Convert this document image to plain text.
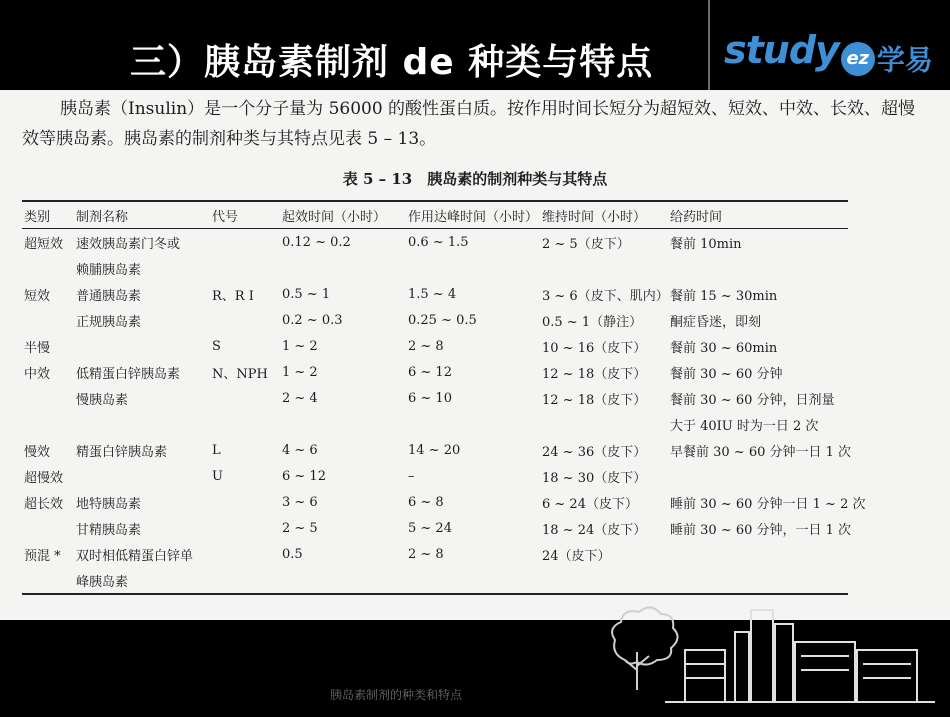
三）胰岛素制剂 de 种类与特点 study ez 学易

胰岛素（Insulin）是一个分子量为 56000 的酸性蛋白质。按作用时间长短分为超短效、短效、中效、长效、超慢效等胰岛素。胰岛素的制剂种类与其特点见表 5 – 13。

表 5 – 13　胰岛素的制剂种类与其特点
类别	制剂名称	代号	起效时间（小时）	作用达峰时间（小时）	维持时间（小时）	给药时间
超短效	速效胰岛素门冬或		0.12 ~ 0.2	0.6 ~ 1.5	2 ~ 5（皮下）	餐前 10min
	赖脯胰岛素					
短效	普通胰岛素	R、R I	0.5 ~ 1	1.5 ~ 4	3 ~ 6（皮下、肌内）	餐前 15 ~ 30min
	正规胰岛素		0.2 ~ 0.3	0.25 ~ 0.5	0.5 ~ 1（静注）	酮症昏迷，即刻
半慢		S	1 ~ 2	2 ~ 8	10 ~ 16（皮下）	餐前 30 ~ 60min
中效	低精蛋白锌胰岛素	N、NPH	1 ~ 2	6 ~ 12	12 ~ 18（皮下）	餐前 30 ~ 60 分钟
	慢胰岛素		2 ~ 4	6 ~ 10	12 ~ 18（皮下）	餐前 30 ~ 60 分钟，日剂量
						大于 40IU 时为一日 2 次
慢效	精蛋白锌胰岛素	L	4 ~ 6	14 ~ 20	24 ~ 36（皮下）	早餐前 30 ~ 60 分钟一日 1 次
超慢效		U	6 ~ 12	–	18 ~ 30（皮下）	
超长效	地特胰岛素		3 ~ 6	6 ~ 8	6 ~ 24（皮下）	睡前 30 ~ 60 分钟一日 1 ~ 2 次
	甘精胰岛素		2 ~ 5	5 ~ 24	18 ~ 24（皮下）	睡前 30 ~ 60 分钟，一日 1 次
预混 *	双时相低精蛋白锌单		0.5	2 ~ 8	24（皮下）	
	峰胰岛素					
胰岛素制剂的种类和特点
